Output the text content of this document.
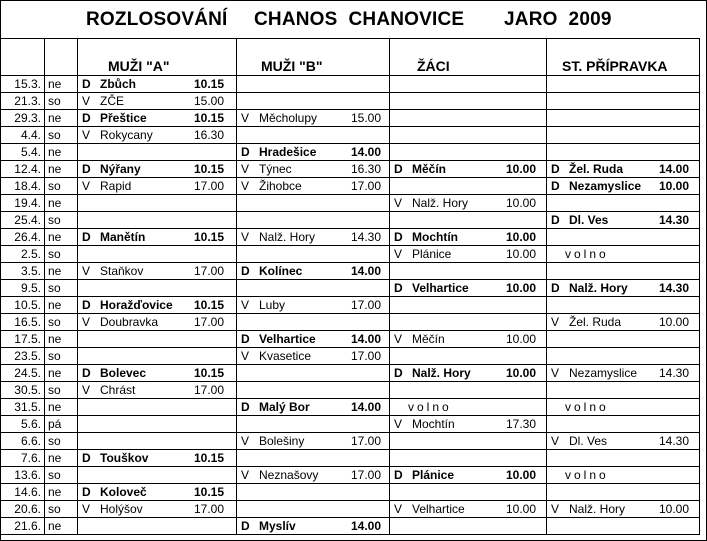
ROZLOSOVÁNÍ CHANOS  CHANOVICE JARO  2009

		MUŽI "A"	MUŽI "B"	ŽÁCI	ST. PŘÍPRAVKA

15.3.	ne	D Zbůch 10.15			

21.3.	so	V ZČE 15.00			

29.3.	ne	D Přeštice 10.15	V Měcholupy 15.00		

4.4.	so	V Rokycany 16.30			

5.4.	ne		D Hradešice 14.00		

12.4.	ne	D Nýřany 10.15	V Týnec 16.30	D Měčín 10.00	D Žel. Ruda 14.00

18.4.	so	V Rapid 17.00	V Žihobce 17.00		D Nezamyslice 10.00

19.4.	ne			V Nalž. Hory 10.00	

25.4.	so				D Dl. Ves 14.30

26.4.	ne	D Manětín 10.15	V Nalž. Hory 14.30	D Mochtín 10.00	

2.5.	so			V Plánice 10.00	volno

3.5.	ne	V Staňkov 17.00	D Kolínec 14.00		

9.5.	so			D Velhartice 10.00	D Nalž. Hory 14.30

10.5.	ne	D Horažďovice 10.15	V Luby 17.00		

16.5.	so	V Doubravka 17.00			V Žel. Ruda 10.00

17.5.	ne		D Velhartice 14.00	V Měčín 10.00	

23.5.	so		V Kvasetice 17.00		

24.5.	ne	D Bolevec 10.15		D Nalž. Hory 10.00	V Nezamyslice 14.30

30.5.	so	V Chrást 17.00			

31.5.	ne		D Malý Bor 14.00	volno	volno

5.6.	pá			V Mochtín 17.30	

6.6.	so		V Bolešiny 17.00		V Dl. Ves 14.30

7.6.	ne	D Touškov 10.15			

13.6.	so		V Neznašovy 17.00	D Plánice 10.00	volno

14.6.	ne	D Koloveč 10.15			

20.6.	so	V Holýšov 17.00		V Velhartice 10.00	V Nalž. Hory 10.00

21.6.	ne		D Myslív 14.00		
